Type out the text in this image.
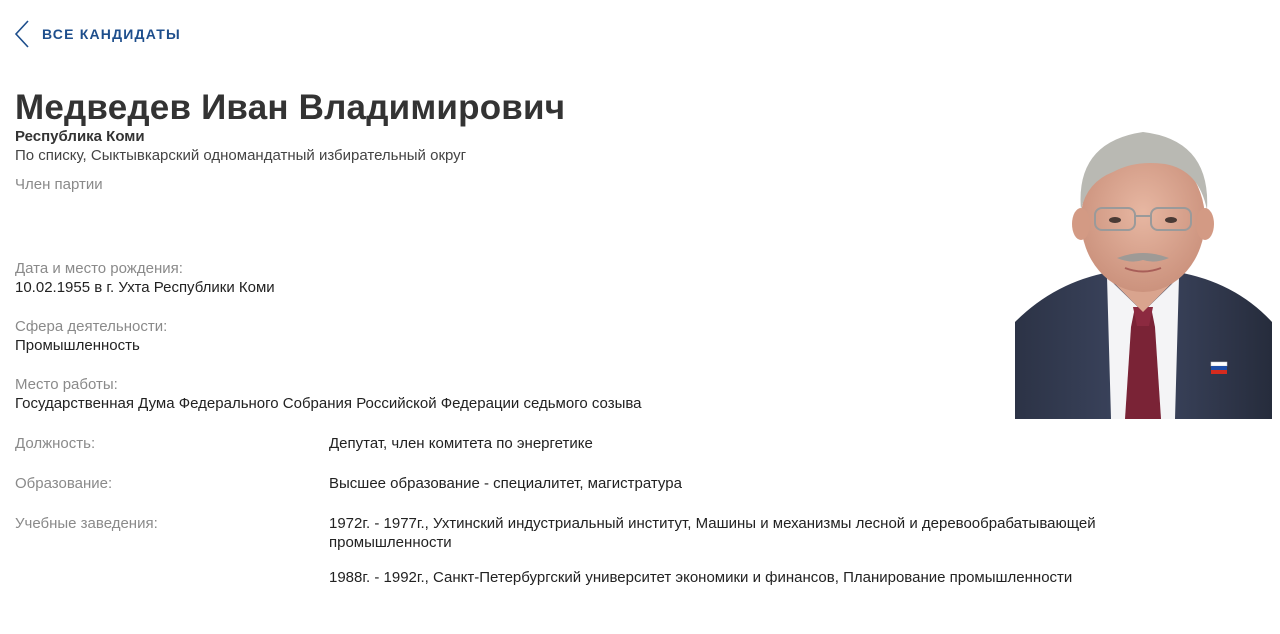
ВСЕ КАНДИДАТЫ
Медведев Иван Владимирович
Республика Коми
По списку, Сыктывкарский одномандатный избирательный округ
Член партии
Дата и место рождения:
10.02.1955 в г. Ухта Республики Коми
Сфера деятельности:
Промышленность
Место работы:
Государственная Дума Федерального Собрания Российской Федерации седьмого созыва
Должность:	Депутат, член комитета по энергетике
Образование:	Высшее образование - специалитет, магистратура
Учебные заведения:	1972г. - 1977г., Ухтинский индустриальный институт, Машины и механизмы лесной и деревообрабатывающей промышленности
1988г. - 1992г., Санкт-Петербургский университет экономики и финансов, Планирование промышленности
